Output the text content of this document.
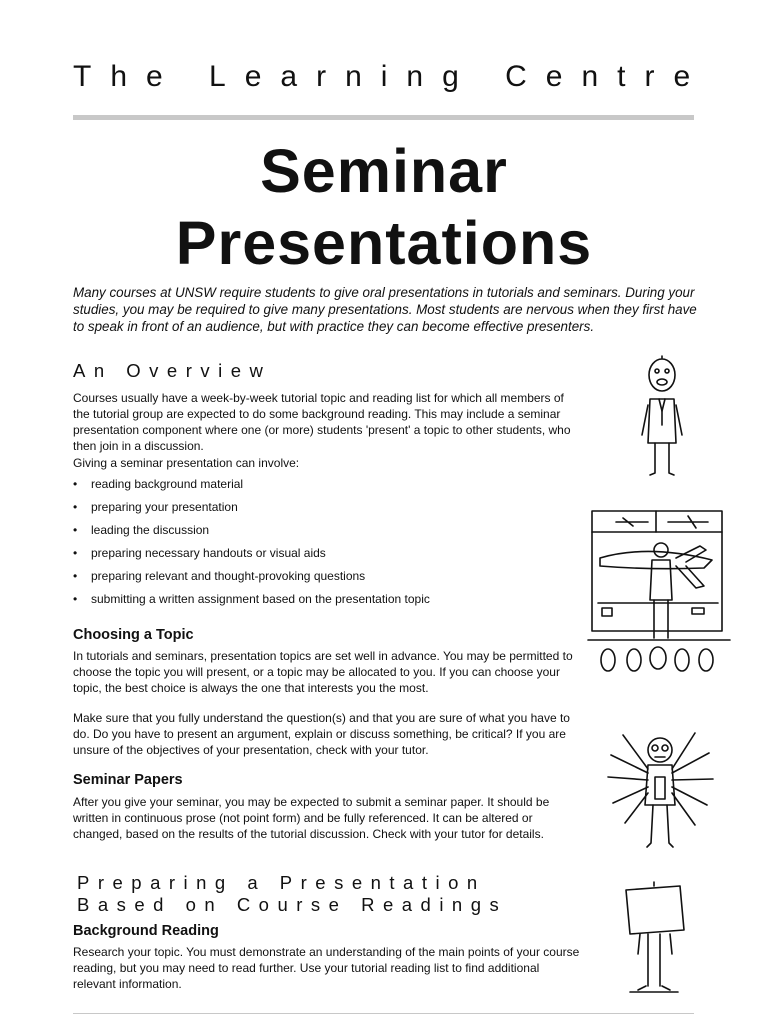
The Learning Centre
Seminar
Presentations
Many courses at UNSW require students to give oral presentations in tutorials and seminars. During your studies, you may be required to give many presentations. Most students are nervous when they first have to speak in front of an audience, but with practice they can become effective presenters.
An Overview
Courses usually have a week-by-week tutorial topic and reading list for which all members of the tutorial group are expected to do some background reading. This may include a seminar presentation component where one (or more) students 'present' a topic to other students, who then join in a discussion.
Giving a seminar presentation can involve:
• reading background material
• preparing your presentation
• leading the discussion
• preparing necessary handouts or visual aids
• preparing relevant and thought-provoking questions
• submitting a written assignment based on the presentation topic
Choosing a Topic
In tutorials and seminars, presentation topics are set well in advance. You may be permitted to choose the topic you will present, or a topic may be allocated to you. If you can choose your topic, the best choice is always the one that interests you the most.
Make sure that you fully understand the question(s) and that you are sure of what you have to do. Do you have to present an argument, explain or discuss something, be critical? If you are unsure of the objectives of your presentation, check with your tutor.
Seminar Papers
After you give your seminar, you may be expected to submit a seminar paper. It should be written in continuous prose (not point form) and be fully referenced. It can be altered or changed, based on the results of the tutorial discussion. Check with your tutor for details.
Preparing a Presentation
Based on Course Readings
Background Reading
Research your topic. You must demonstrate an understanding of the main points of your course reading, but you may need to read further. Use your tutorial reading list to find additional relevant information.
